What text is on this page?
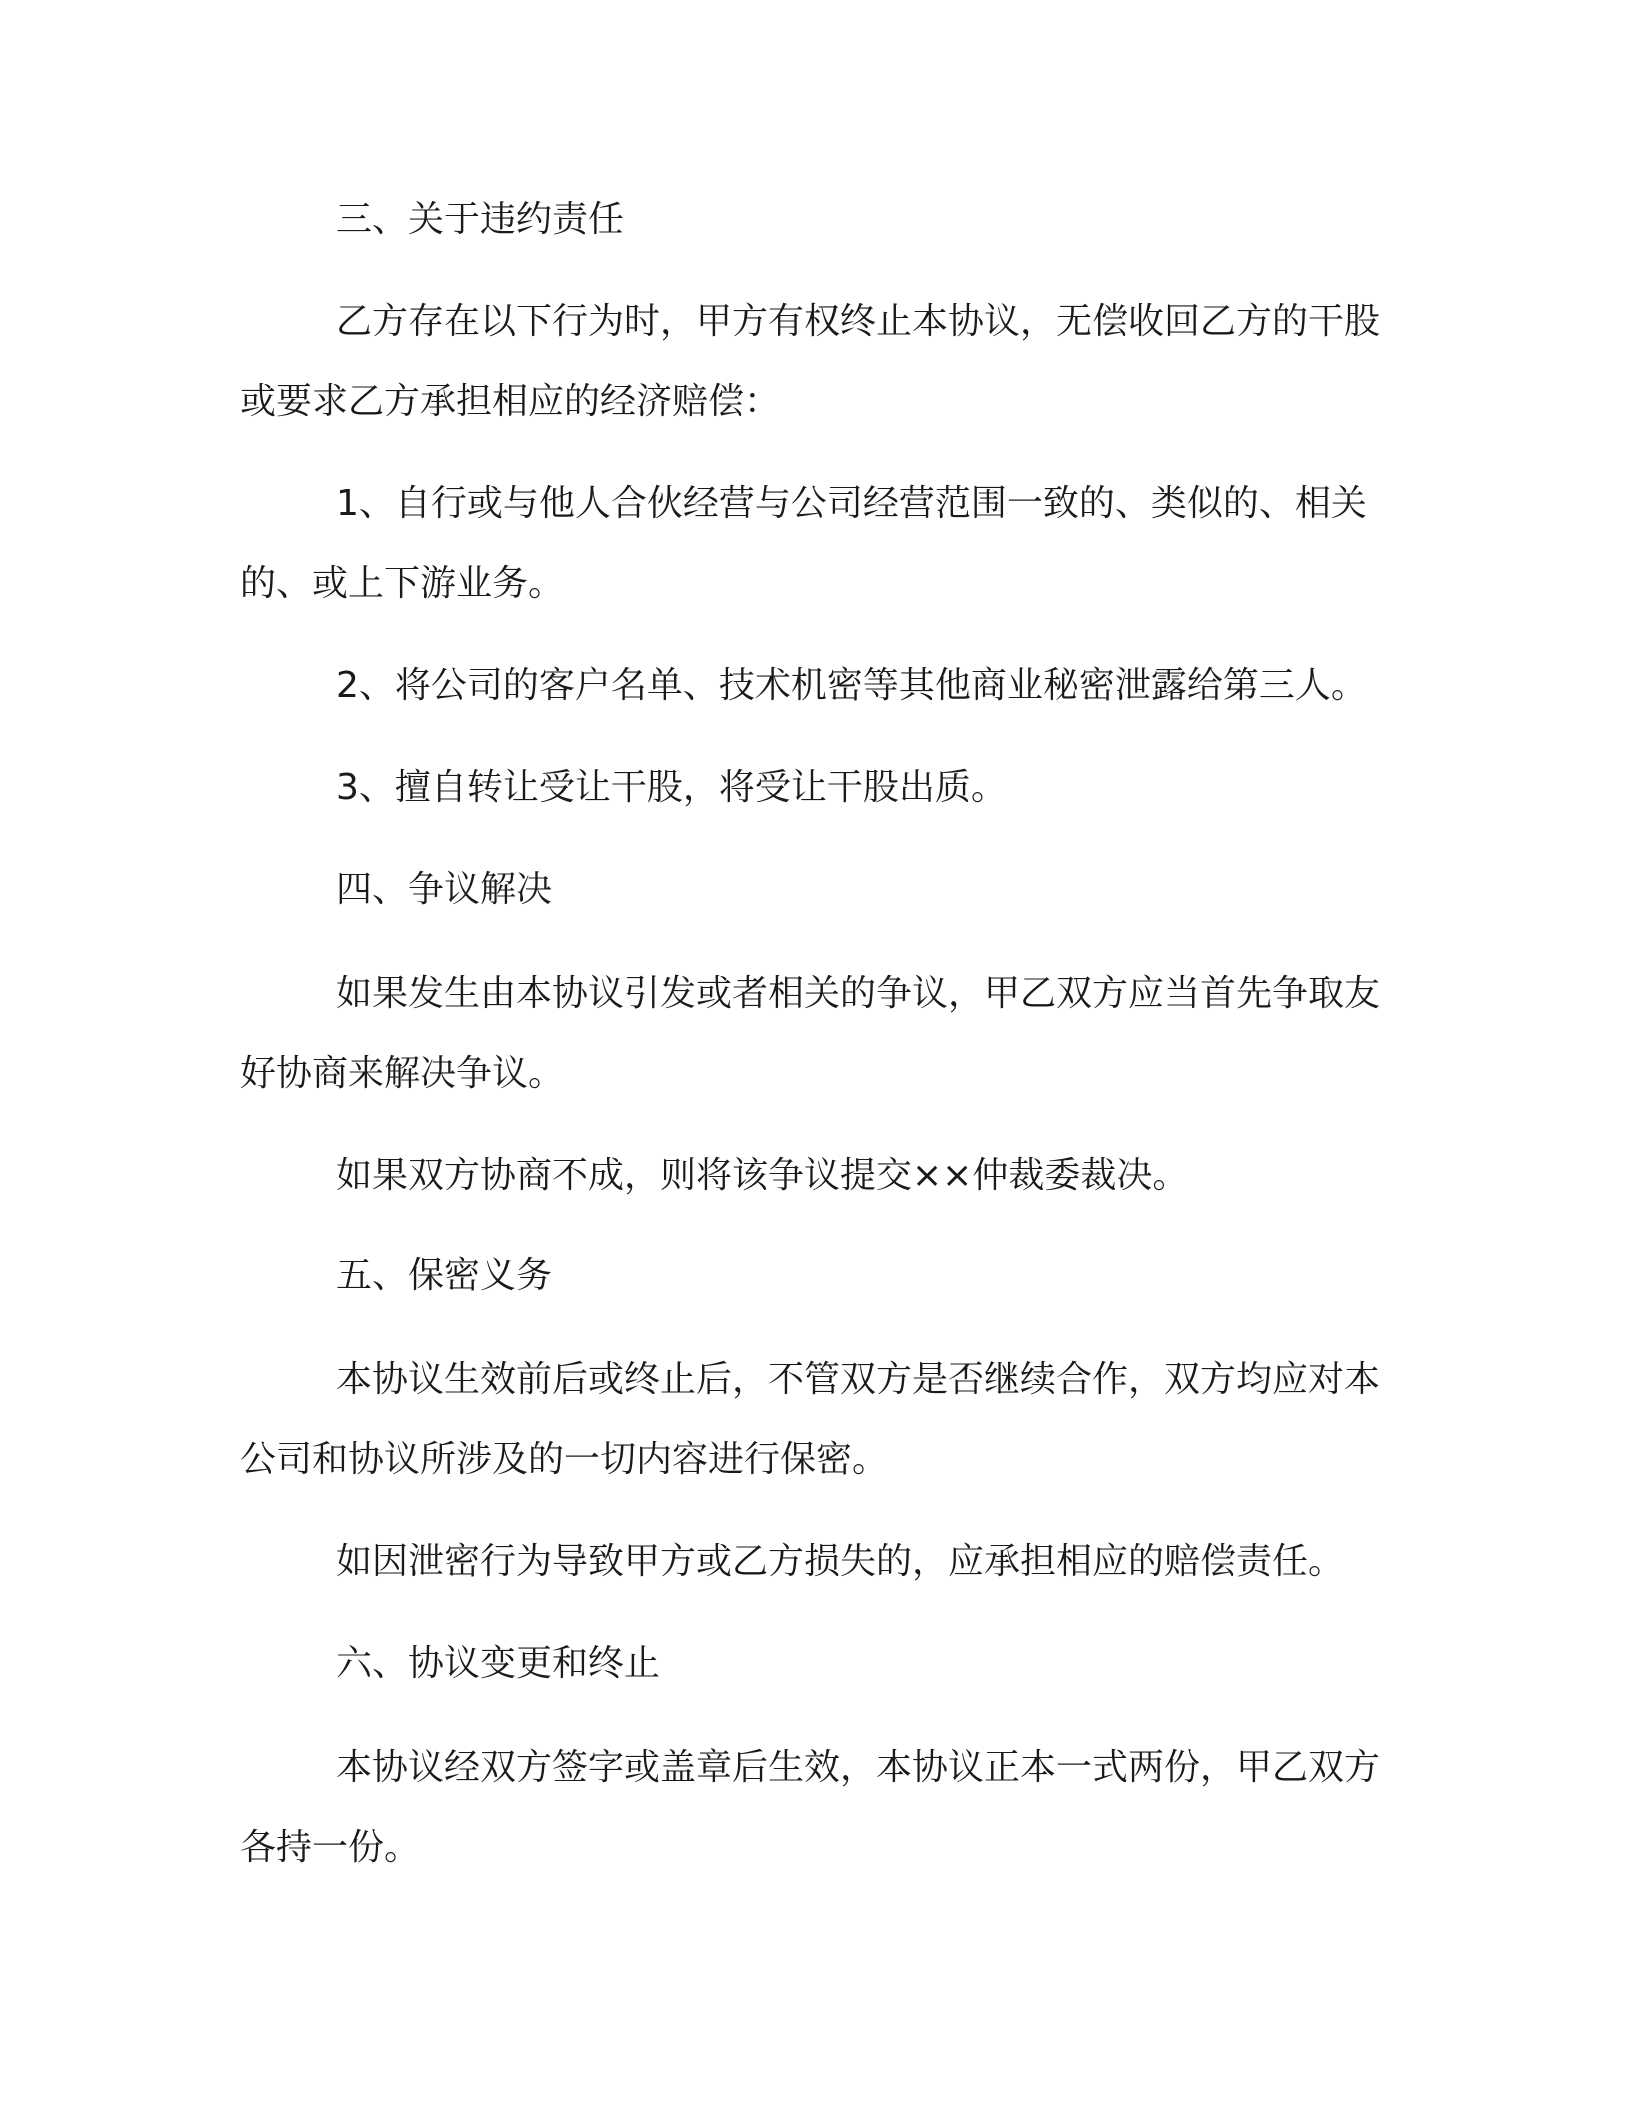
三、关于违约责任

乙方存在以下行为时，甲方有权终止本协议，无偿收回乙方的干股或要求乙方承担相应的经济赔偿：

1、自行或与他人合伙经营与公司经营范围一致的、类似的、相关的、或上下游业务。

2、将公司的客户名单、技术机密等其他商业秘密泄露给第三人。

3、擅自转让受让干股，将受让干股出质。

四、争议解决

如果发生由本协议引发或者相关的争议，甲乙双方应当首先争取友好协商来解决争议。

如果双方协商不成，则将该争议提交××仲裁委裁决。

五、保密义务

本协议生效前后或终止后，不管双方是否继续合作，双方均应对本公司和协议所涉及的一切内容进行保密。

如因泄密行为导致甲方或乙方损失的，应承担相应的赔偿责任。

六、协议变更和终止

本协议经双方签字或盖章后生效，本协议正本一式两份，甲乙双方各持一份。
